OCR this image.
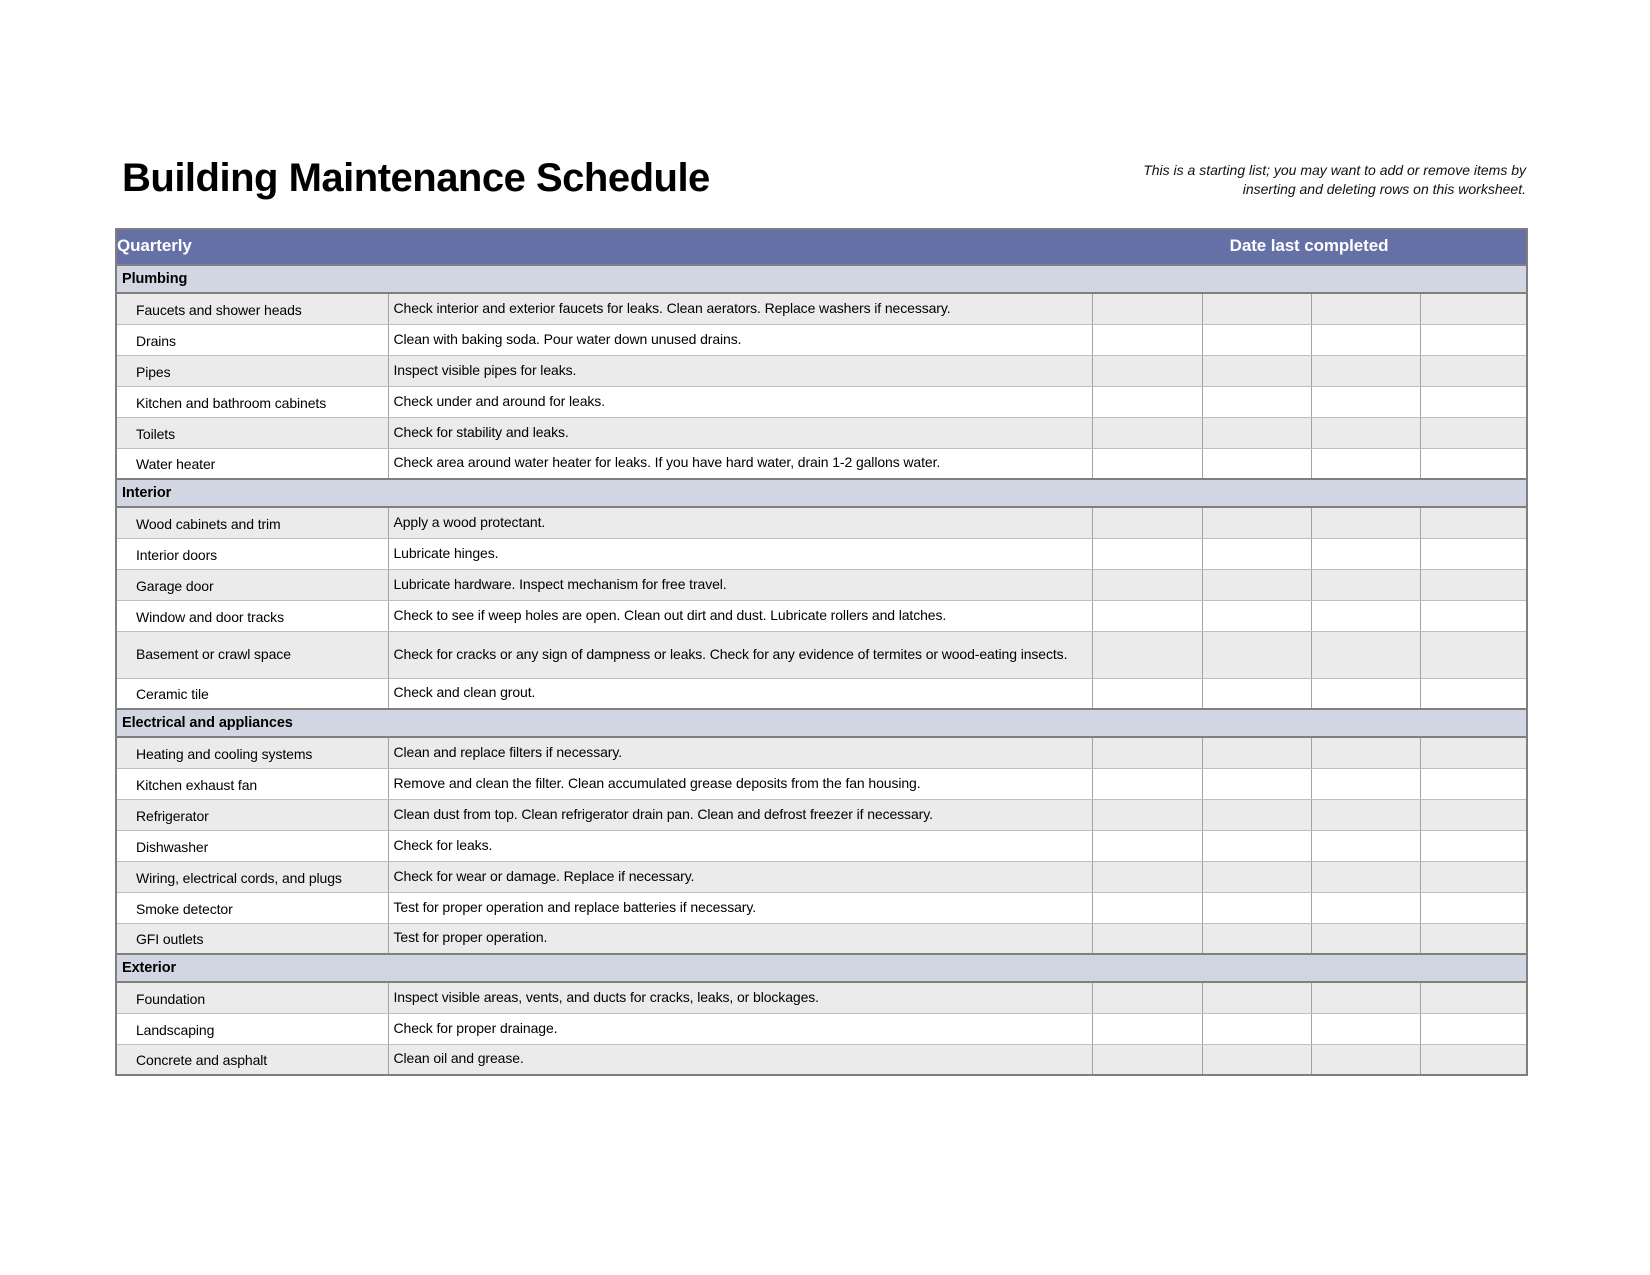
Building Maintenance Schedule	This is a starting list; you may want to add or remove items by
inserting and deleting rows on this worksheet.
Quarterly		Date last completed			
Plumbing					
Faucets and shower heads	Check interior and exterior faucets for leaks. Clean aerators. Replace washers if necessary.				
Drains	Clean with baking soda. Pour water down unused drains.				
Pipes	Inspect visible pipes for leaks.				
Kitchen and bathroom cabinets	Check under and around for leaks.				
Toilets	Check for stability and leaks.				
Water heater	Check area around water heater for leaks. If you have hard water, drain 1-2 gallons water.				
Interior					
Wood cabinets and trim	Apply a wood protectant.				
Interior doors	Lubricate hinges.				
Garage door	Lubricate hardware. Inspect mechanism for free travel.				
Window and door tracks	Check to see if weep holes are open. Clean out dirt and dust. Lubricate rollers and latches.				
Basement or crawl space	Check for cracks or any sign of dampness or leaks. Check for any evidence of termites or wood-eating insects.				
Ceramic tile	Check and clean grout.				
Electrical and appliances					
Heating and cooling systems	Clean and replace filters if necessary.				
Kitchen exhaust fan	Remove and clean the filter. Clean accumulated grease deposits from the fan housing.				
Refrigerator	Clean dust from top. Clean refrigerator drain pan. Clean and defrost freezer if necessary.				
Dishwasher	Check for leaks.				
Wiring, electrical cords, and plugs	Check for wear or damage. Replace if necessary.				
Smoke detector	Test for proper operation and replace batteries if necessary.				
GFI outlets	Test for proper operation.				
Exterior					
Foundation	Inspect visible areas, vents, and ducts for cracks, leaks, or blockages.				
Landscaping	Check for proper drainage.				
Concrete and asphalt	Clean oil and grease.				
